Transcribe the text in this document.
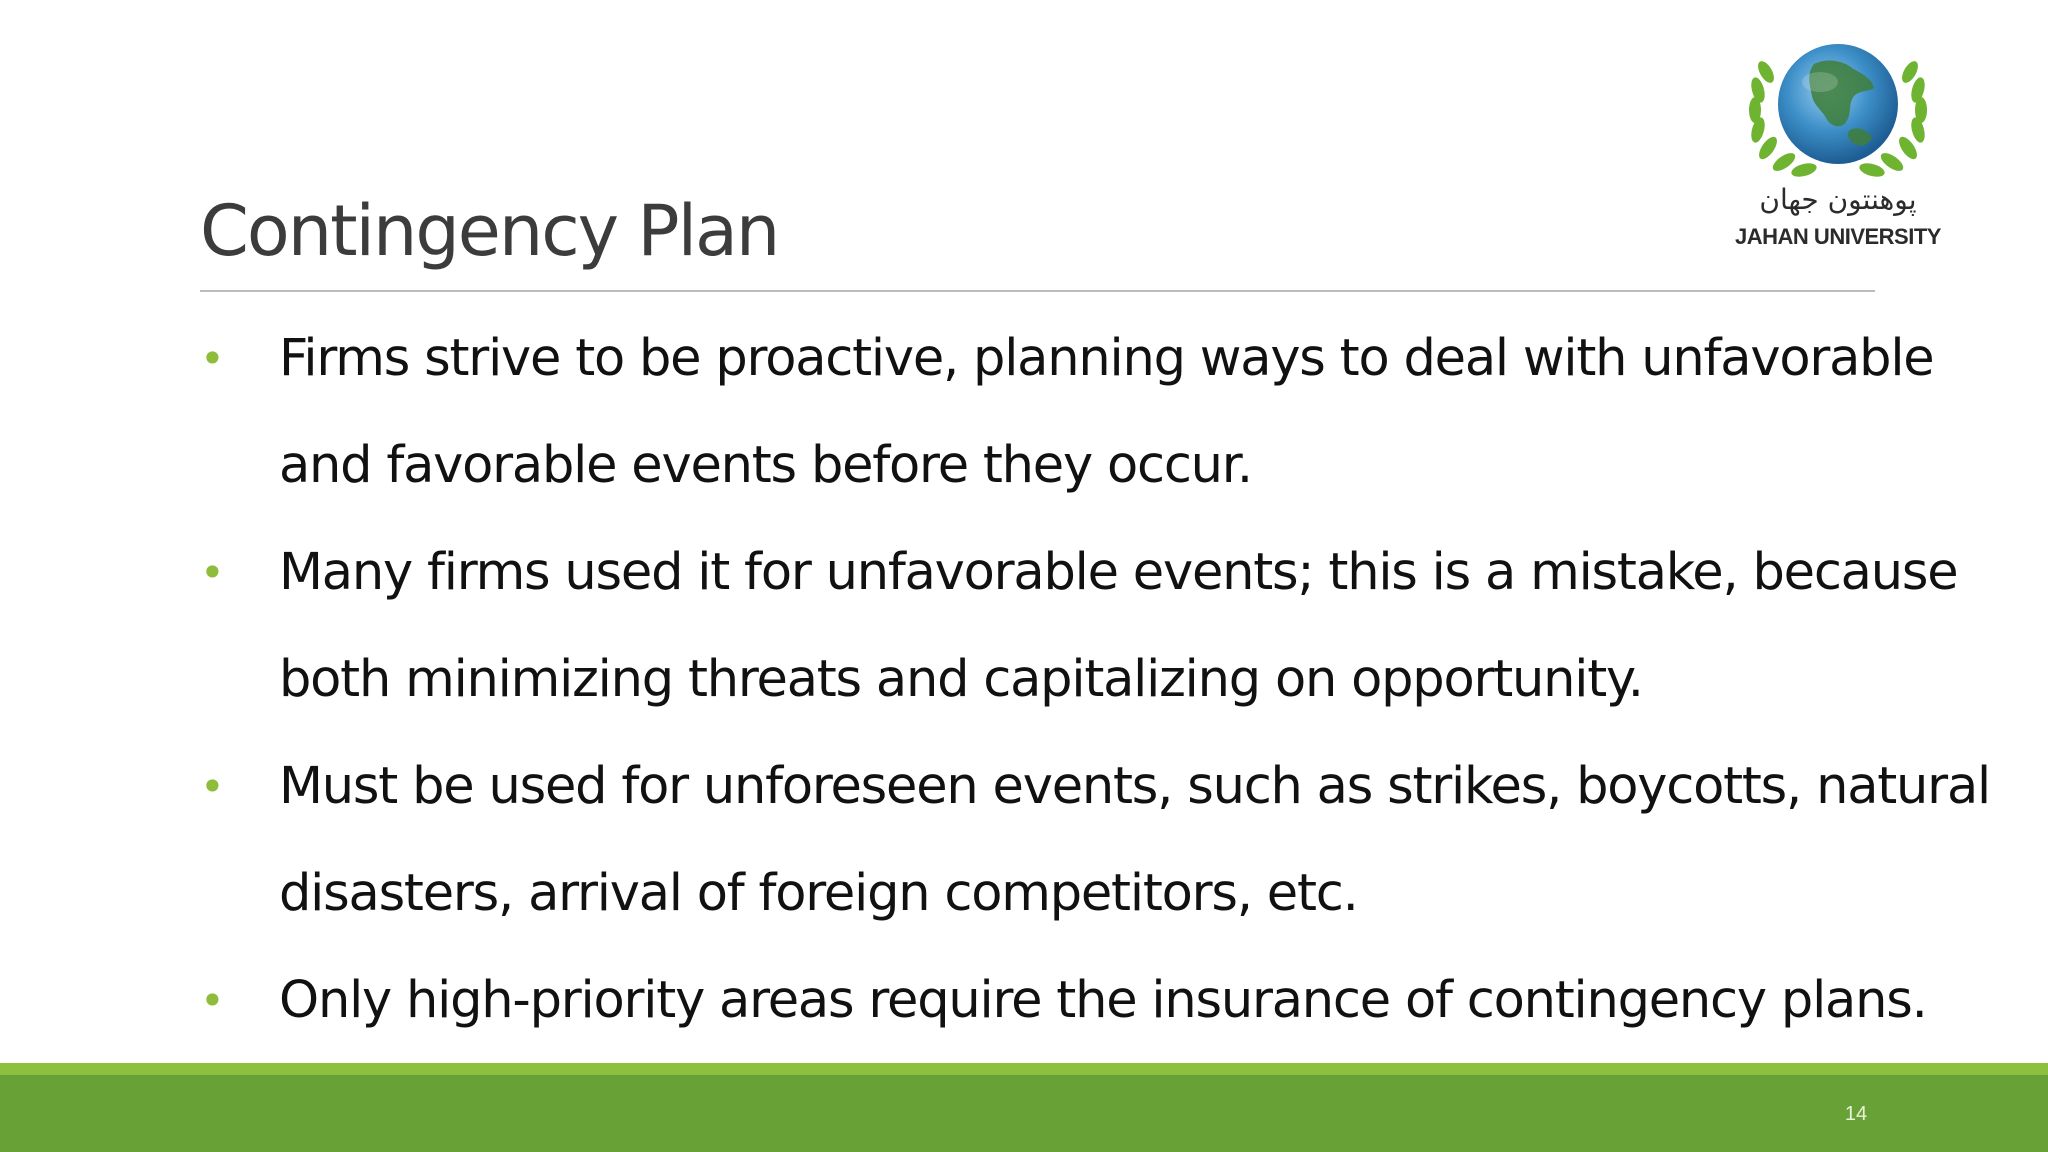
پوهنتون جهان
JAHAN UNIVERSITY
Contingency Plan
• Firms strive to be proactive, planning ways to deal with unfavorable and favorable events before they occur.
• Many firms used it for unfavorable events; this is a mistake, because both minimizing threats and capitalizing on opportunity.
• Must be used for unforeseen events, such as strikes, boycotts, natural disasters, arrival of foreign competitors, etc.
• Only high-priority areas require the insurance of contingency plans.
14
